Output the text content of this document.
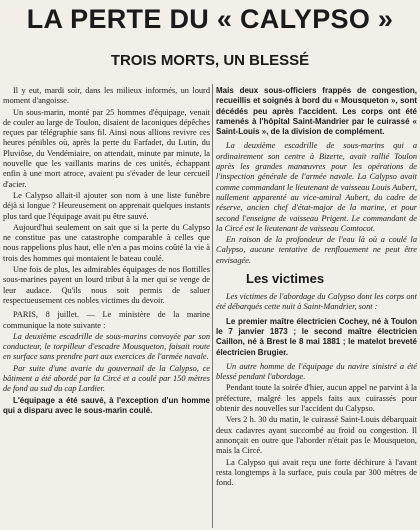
LA PERTE DU « CALYPSO »
TROIS MORTS, UN BLESSÉ

Il y eut, mardi soir, dans les milieux informés, un lourd moment d'angoisse.

Un sous-marin, monté par 25 hommes d'équipage, venait de couler au large de Toulon, disaient de laconiques dépêches reçues par télégraphie sans fil. Ainsi nous allions revivre ces heures pénibles où, après la perte du Farfadet, du Lutin, du Pluviôse, du Vendémiaire, on attendait, minute par minute, la nouvelle que les vaillants marins de ces unités, échappant enfin à une mort atroce, avaient pu s'évader de leur cercueil d'acier.

Le Calypso allait-il ajouter son nom à une liste funèbre déjà si longue ? Heureusement on apprenait quelques instants plus tard que l'équipage avait pu être sauvé.

Aujourd'hui seulement on sait que si la perte du Calypso ne constitue pas une catastrophe comparable à celles que nous rappelions plus haut, elle n'en a pas moins coûté la vie à trois des hommes qui montaient le bateau coulé.

Une fois de plus, les admirables équipages de nos flottilles sous-marines payent un lourd tribut à la mer qui se venge de leur audace. Qu'ils nous soit permis de saluer respectueusement ces nobles victimes du devoir.

PARIS, 8 juillet. — Le ministère de la marine communique la note suivante :

La deuxième escadrille de sous-marins convoyée par son conducteur, le torpilleur d'escadre Mousqueton, faisait route en surface sans prendre part aux exercices de l'armée navale.

Par suite d'une avarie du gouvernail de la Calypso, ce bâtiment a été abordé par la Circé et a coulé par 150 mètres de fond au sud du cap Lardier.

L'équipage a été sauvé, à l'exception d'un homme qui a disparu avec le sous-marin coulé.

Mais deux sous-officiers frappés de congestion, recueillis et soignés à bord du « Mousqueton », sont décédés peu après l'accident. Les corps ont été ramenés à l'hôpital Saint-Mandrier par le cuirassé « Saint-Louis », de la division de complément.

La deuxième escadrille de sous-marins qui a ordinairement son centre à Bizerte, avait rallié Toulon après les grandes manœuvres pour les opérations de l'inspection générale de l'armée navale. La Calypso avait comme commandant le lieutenant de vaisseau Louis Aubert, nullement apparenté au vice-amiral Aubert, du cadre de réserve, ancien chef d'état-major de la marine, et pour second l'enseigne de vaisseau Prigent. Le commandant de la Circé est le lieutenant de vaisseau Comtocot.

En raison de la profondeur de l'eau là où a coulé la Calypso, aucune tentative de renflouement ne peut être envisagée.

Les victimes

Les victimes de l'abordage du Calypso dont les corps ont été débarqués cette nuit à Saint-Mandrier, sont :

Le premier maître électricien Cochey, né à Toulon le 7 janvier 1873 ; le second maître électricien Caillon, né à Brest le 8 mai 1881 ; le matelot breveté électricien Brugier.

Un autre homme de l'équipage du navire sinistré a été blessé pendant l'abordage.

Pendant toute la soirée d'hier, aucun appel ne parvint à la préfecture, malgré les appels faits aux cuirassés pour obtenir des nouvelles sur l'accident du Calypso.

Vers 2 h. 30 du matin, le cuirassé Saint-Louis débarquait deux cadavres ayant succombé au froid ou congestion. Il annonçait en outre que l'aborder n'était pas le Mousqueton, mais la Circé.

La Calypso qui avait reçu une forte déchirure à l'avant resta longtemps à la surface, puis coula par 300 mètres de fond.
